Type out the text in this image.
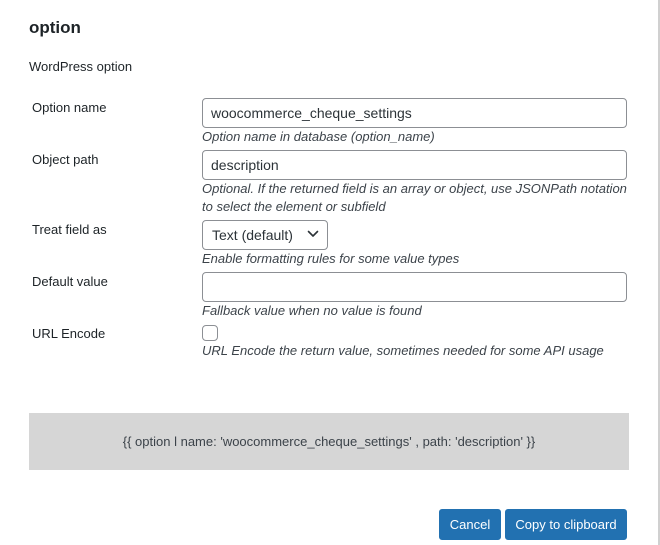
option
WordPress option
Option name
woocommerce_cheque_settings
Option name in database (option_name)
Object path
description
Optional. If the returned field is an array or object, use JSONPath notation
to select the element or subfield
Treat field as	Text (default)
Enable formatting rules for some value types
Default value
Fallback value when no value is found
URL Encode
URL Encode the return value, sometimes needed for some API usage
{{ option l name: 'woocommerce_cheque_settings' , path: 'description' }}
Cancel	Copy to clipboard
